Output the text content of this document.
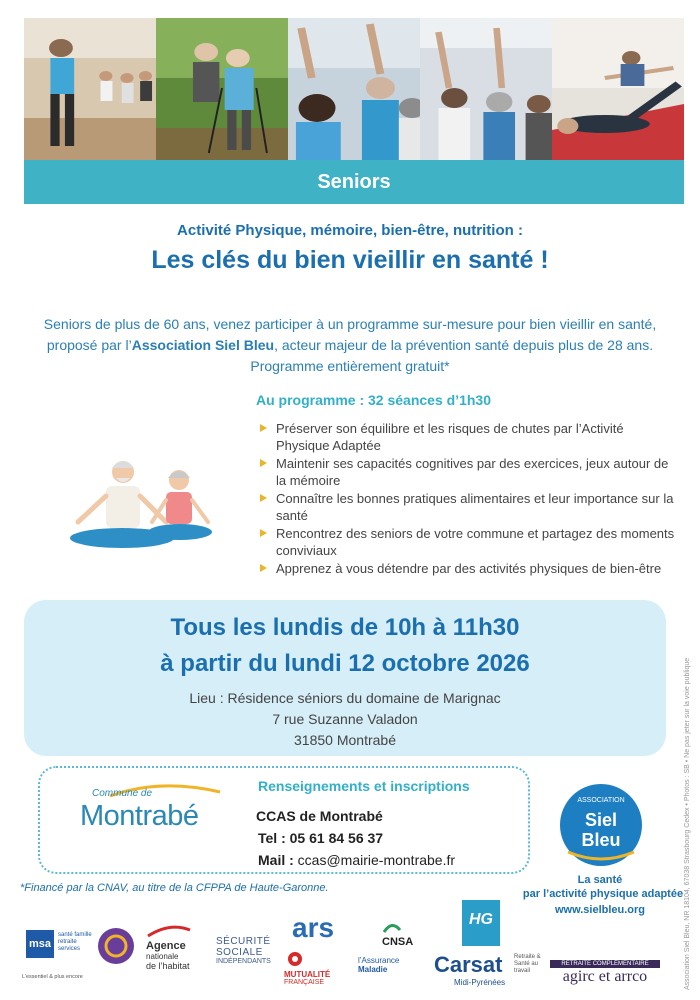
Seniors
Activité Physique, mémoire, bien-être, nutrition :
Les clés du bien vieillir en santé !

Seniors de plus de 60 ans, venez participer à un programme sur-mesure pour bien vieillir en santé, proposé par l’Association Siel Bleu, acteur majeur de la prévention santé depuis plus de 28 ans. Programme entièrement gratuit*

Au programme : 32 séances d’1h30
Préserver son équilibre et les risques de chutes par l’Activité Physique Adaptée
Maintenir ses capacités cognitives par des exercices, jeux autour de la mémoire
Connaître les bonnes pratiques alimentaires et leur importance sur la santé
Rencontrez des seniors de votre commune et partagez des moments conviviaux
Apprenez à vous détendre par des activités physiques de bien-être
Tous les lundis de 10h à 11h30
à partir du lundi 12 octobre 2026
Lieu : Résidence séniors du domaine de Marignac
7 rue Suzanne Valadon
31850 Montrabé
Commune de
Montrabé
Renseignements et inscriptions
CCAS de Montrabé
Tel : 05 61 84 56 37
Mail : ccas@mairie-montrabe.fr
ASSOCIATION
Siel
Bleu
La santé
par l’activité physique adaptée
www.sielbleu.org
*Financé par la CNAV, au titre de la CFPPA de Haute-Garonne.	Association Siel Bleu, NR 18104, 67038 Strasbourg Cedex • Photos : SB • Ne pas jeter sur la voie publique
msa
santé famille retraite services
L’essentiel & plus encore
Agence
nationale
de l’habitat
SÉCURITÉ
SOCIALE
INDÉPENDANTS
ars
MUTUALITÉ
FRANÇAISE
CNSA
l’Assurance
Maladie
HG
Carsat Retraite & Santé au travail
Midi-Pyrénées
RETRAITE COMPLÉMENTAIRE
agirc et arrco
